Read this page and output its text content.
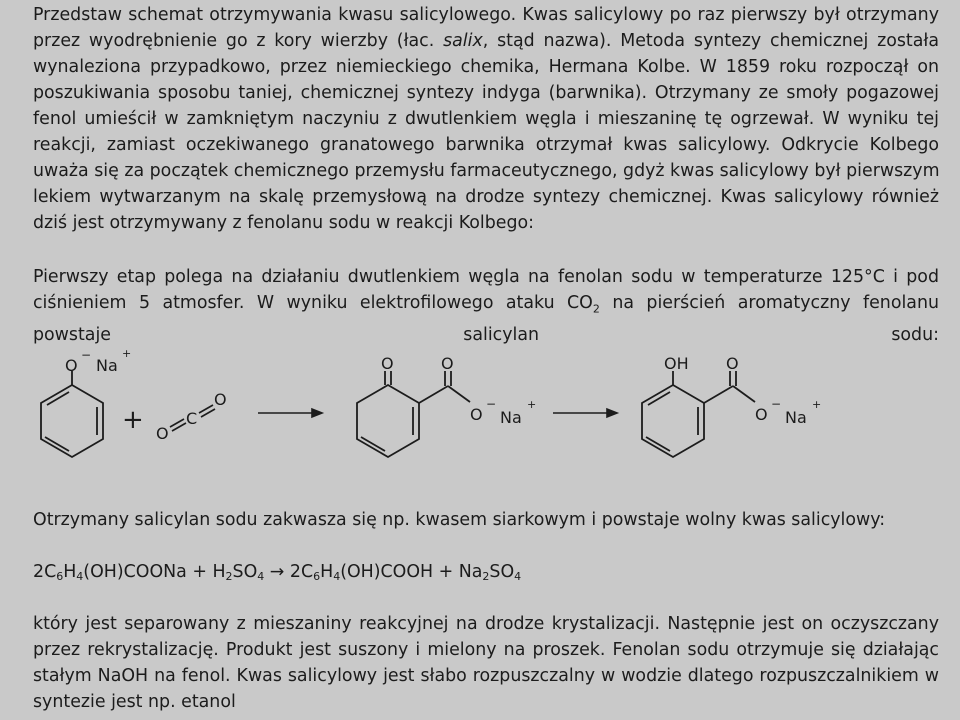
Przedstaw schemat otrzymywania kwasu salicylowego. Kwas salicylowy po raz pierwszy był otrzymany
przez wyodrębnienie go z kory wierzby (łac. salix, stąd nazwa). Metoda syntezy chemicznej została
wynaleziona przypadkowo, przez niemieckiego chemika, Hermana Kolbe. W 1859 roku rozpoczął on
poszukiwania sposobu taniej, chemicznej syntezy indyga (barwnika). Otrzymany ze smoły pogazowej
fenol umieścił w zamkniętym naczyniu z dwutlenkiem węgla i mieszaninę tę ogrzewał. W wyniku tej
reakcji, zamiast oczekiwanego granatowego barwnika otrzymał kwas salicylowy. Odkrycie Kolbego
uważa się za początek chemicznego przemysłu farmaceutycznego, gdyż kwas salicylowy był pierwszym
lekiem wytwarzanym na skalę przemysłową na drodze syntezy chemicznej. Kwas salicylowy również
dziś jest otrzymywany z fenolanu sodu w reakcji Kolbego:
Pierwszy etap polega na działaniu dwutlenkiem węgla na fenolan sodu w temperaturze 125°C i pod
ciśnieniem 5 atmosfer. W wyniku elektrofilowego ataku $CO_2$ na pierścień aromatyczny fenolanu
powstaje	salicylan	sodu:
O
−
Na
+
+ O
C
O
O	O
O
−
Na
+
OH O
O
−
Na
+
Otrzymany salicylan sodu zakwasza się np. kwasem siarkowym i powstaje wolny kwas salicylowy:
$2C_6H_4(OH)COONa + H_2SO_4$ → $2C_6H_4(OH)COOH + Na_2SO_4$
który jest separowany z mieszaniny reakcyjnej na drodze krystalizacji. Następnie jest on oczyszczany
przez rekrystalizację. Produkt jest suszony i mielony na proszek. Fenolan sodu otrzymuje się działając
stałym NaOH na fenol. Kwas salicylowy jest słabo rozpuszczalny w wodzie dlatego rozpuszczalnikiem w
syntezie jest np. etanol
